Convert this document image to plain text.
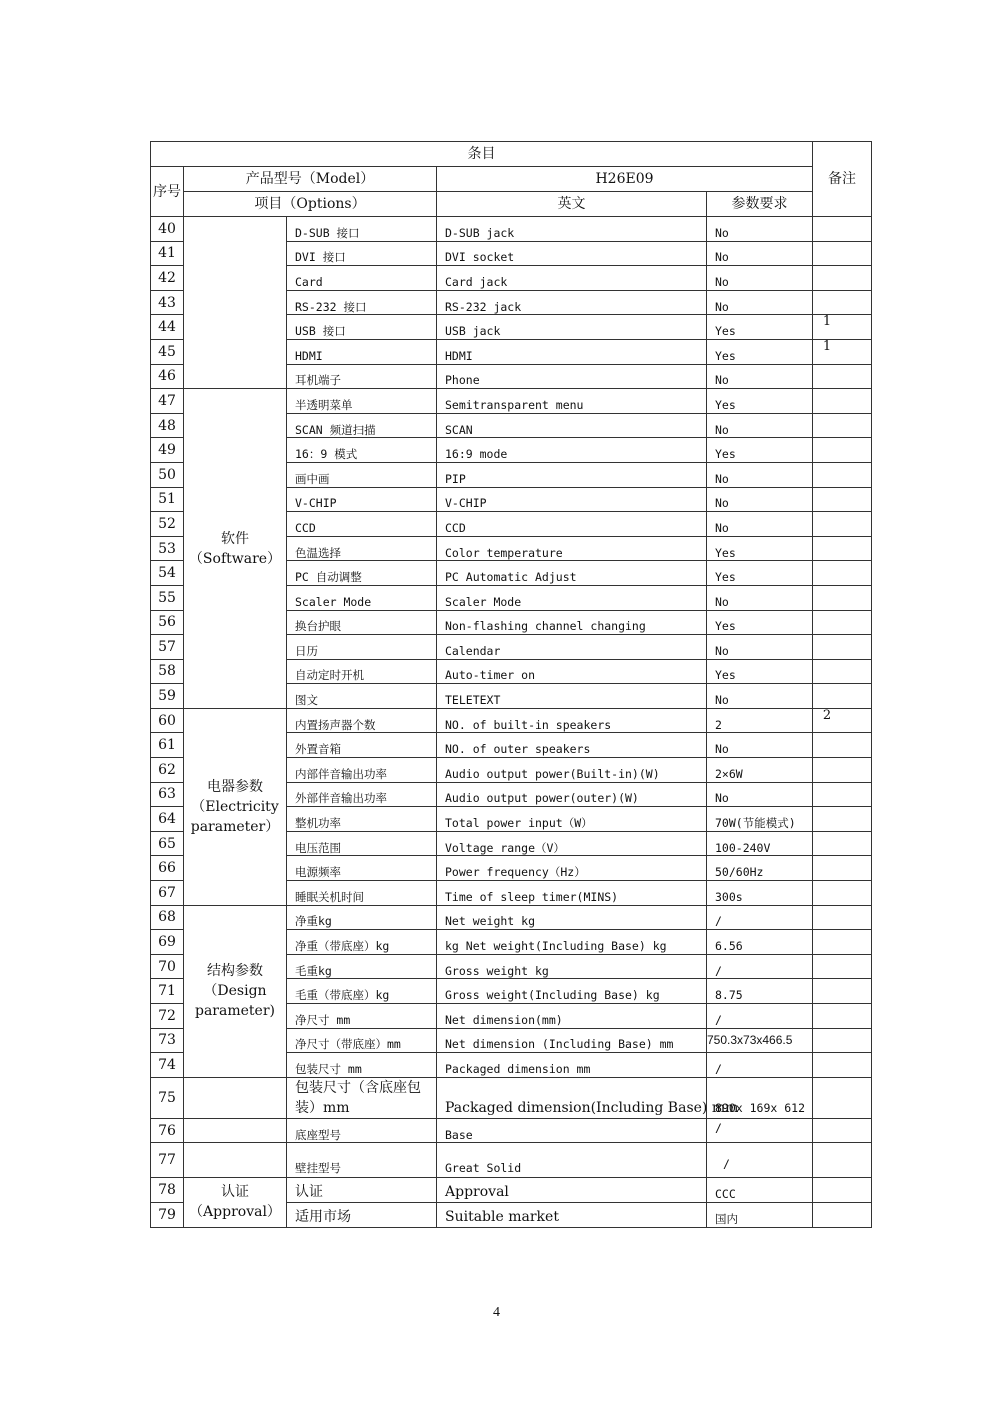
条目					备注
序号	产品型号（Model）		H26E09		
	项目（Options）		英文	参数要求	
40		D-SUB 接口	D-SUB jack	No	
41		DVI 接口	DVI socket	No	
42		Card	Card jack	No	
43		RS-232 接口	RS-232 jack	No	
44		USB 接口	USB jack	Yes	1
45		HDMI	HDMI	Yes	1
46		耳机端子	Phone	No	
47	软件（Software）	半透明菜单	Semitransparent menu	Yes	
48		SCAN 频道扫描	SCAN	No	
49		16：9 模式	16:9 mode	Yes	
50		画中画	PIP	No	
51		V-CHIP	V-CHIP	No	
52		CCD	CCD	No	
53		色温选择	Color temperature	Yes	
54		PC 自动调整	PC Automatic Adjust	Yes	
55		Scaler Mode	Scaler Mode	No	
56		换台护眼	Non-flashing channel changing	Yes	
57		日历	Calendar	No	
58		自动定时开机	Auto-timer on	Yes	
59		图文	TELETEXT	No	
60	电器参数（Electricity parameter）	内置扬声器个数	NO. of built-in speakers	2	2
61		外置音箱	NO. of outer speakers	No	
62		内部伴音输出功率	Audio output power(Built-in)(W)	2×6W	
63		外部伴音输出功率	Audio output power(outer)(W)	No	
64		整机功率	Total power input（W）	70W(节能模式)	
65		电压范围	Voltage range（V）	100-240V	
66		电源频率	Power frequency（Hz）	50/60Hz	
67		睡眠关机时间	Time of sleep timer(MINS)	300s	
68	结构参数（Design parameter)	净重kg	Net weight kg	/	
69		净重（带底座）kg	kg Net weight(Including Base) kg	6.56	
70		毛重kg	Gross weight kg	/	
71		毛重（带底座）kg	Gross weight(Including Base) kg	8.75	
72		净尺寸 mm	Net dimension(mm)	/	
73		净尺寸（带底座）mm	Net dimension (Including Base) mm	750.3x73x466.5	
74		包装尺寸 mm	Packaged dimension mm	/	
75		包装尺寸（含底座包装）mm	Packaged dimension(Including Base) mm	890x 169x 612	
76		底座型号	Base	/	
77		壁挂型号	Great Solid	/	
78	认证（Approval）	认证	Approval	CCC	
79		适用市场	Suitable market	国内	
4
